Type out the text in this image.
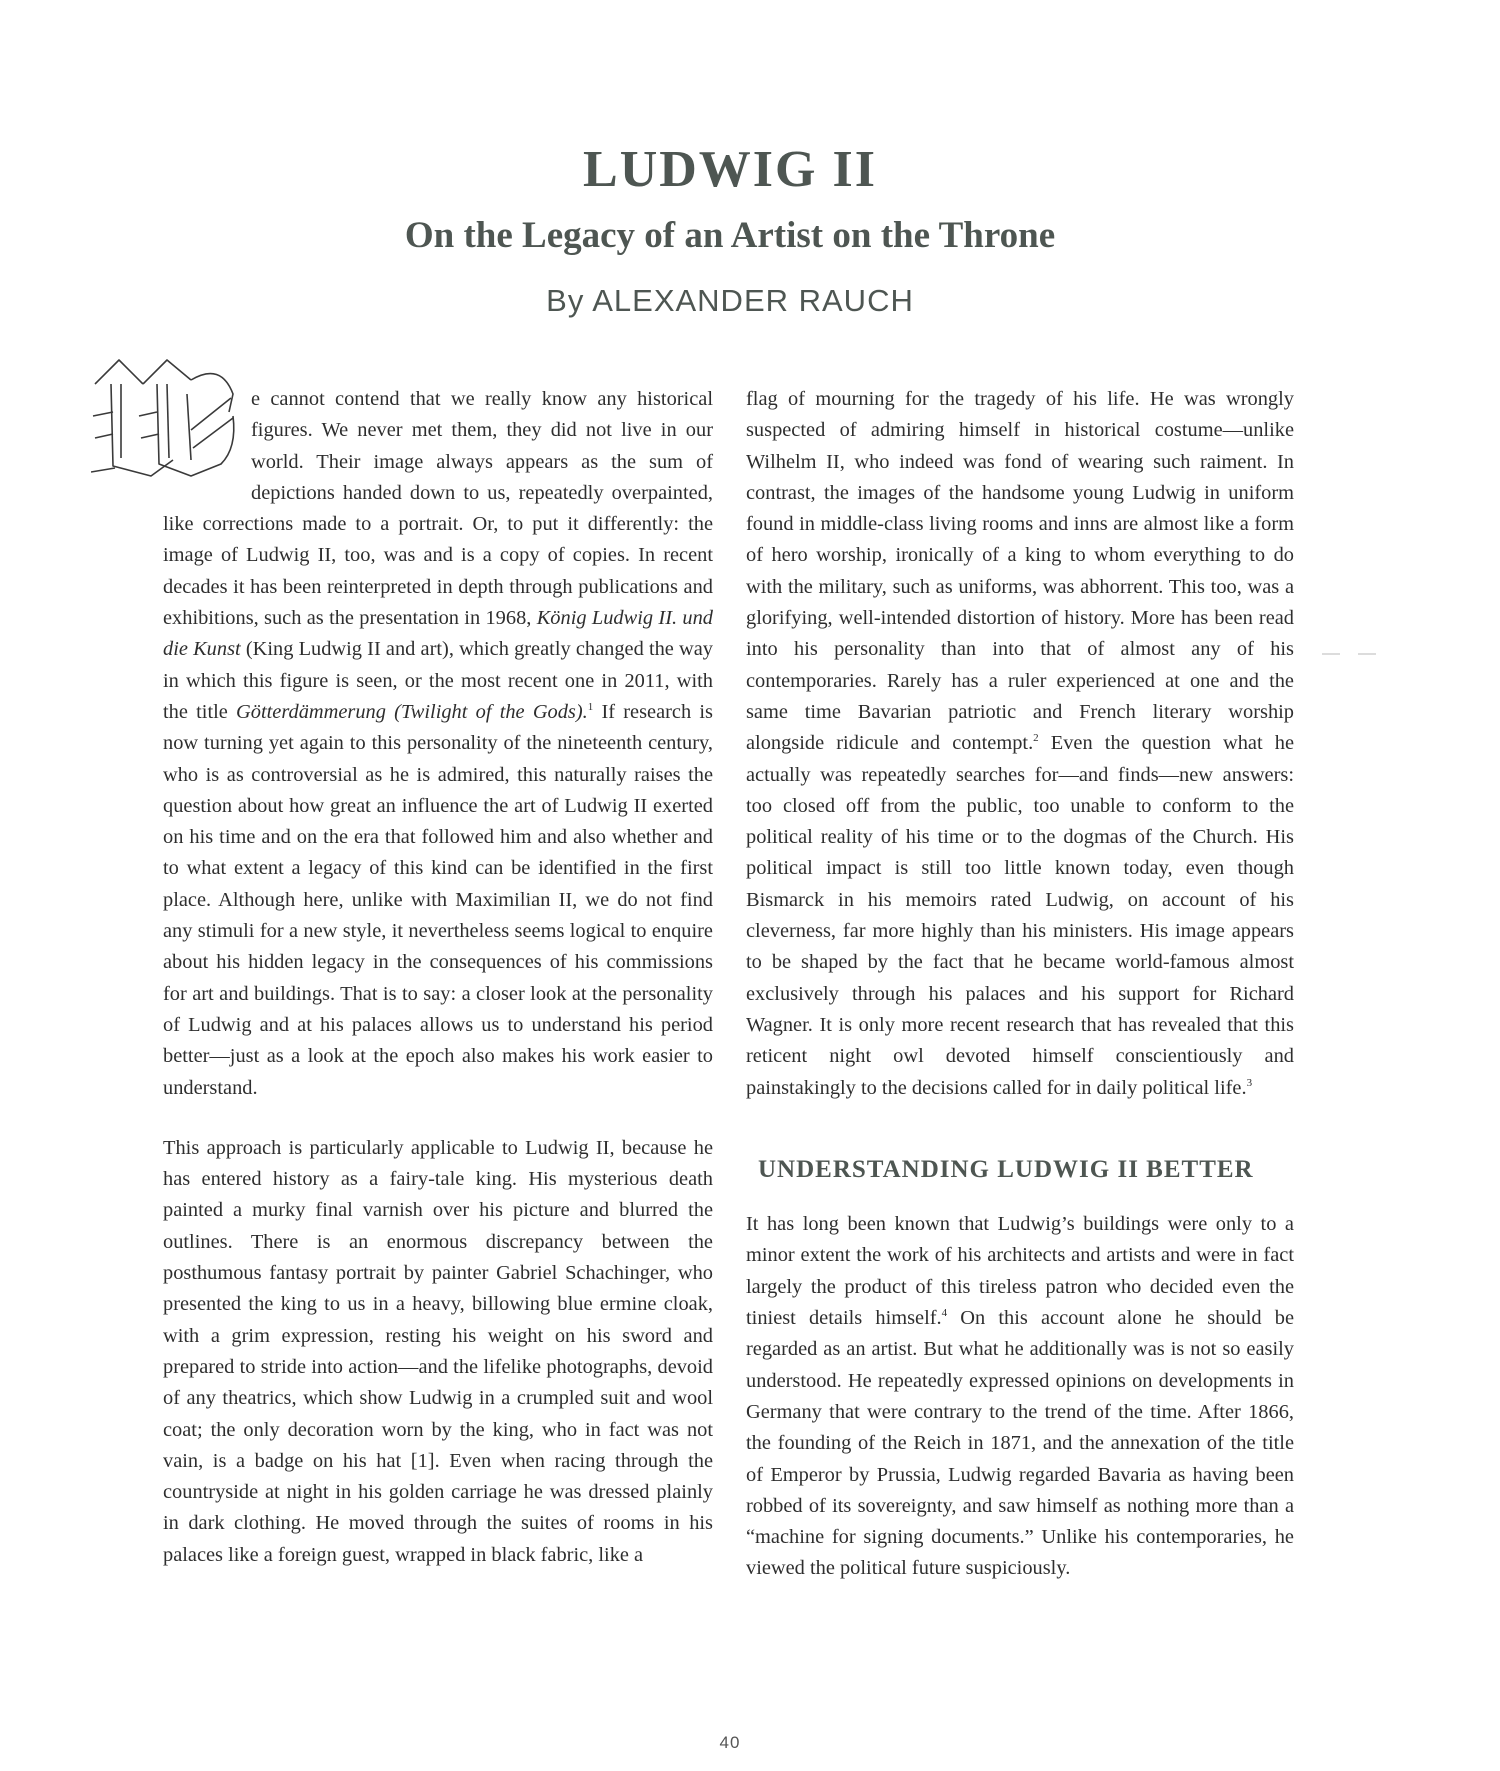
LUDWIG II
On the Legacy of an Artist on the Throne
By ALEXANDER RAUCH

e cannot contend that we really know any historical figures. We never met them, they did not live in our world. Their image always appears as the sum of depictions handed down to us, repeatedly overpainted, like corrections made to a portrait. Or, to put it differently: the image of Ludwig II, too, was and is a copy of copies. In recent decades it has been reinterpreted in depth through publications and exhibitions, such as the presentation in 1968, König Ludwig II. und die Kunst (King Ludwig II and art), which greatly changed the way in which this figure is seen, or the most recent one in 2011, with the title Götterdämmerung (Twilight of the Gods).$^1$ If research is now turning yet again to this personality of the nineteenth century, who is as controversial as he is admired, this naturally raises the question about how great an influence the art of Ludwig II exerted on his time and on the era that followed him and also whether and to what extent a legacy of this kind can be identified in the first place. Although here, unlike with Maximilian II, we do not find any stimuli for a new style, it nevertheless seems logical to enquire about his hidden legacy in the consequences of his commissions for art and buildings. That is to say: a closer look at the personality of Ludwig and at his palaces allows us to understand his period better—just as a look at the epoch also makes his work easier to understand.

This approach is particularly applicable to Ludwig II, because he has entered history as a fairy-tale king. His mysterious death painted a murky final varnish over his picture and blurred the outlines. There is an enormous discrepancy between the posthumous fantasy portrait by painter Gabriel Schachinger, who presented the king to us in a heavy, billowing blue ermine cloak, with a grim expression, resting his weight on his sword and prepared to stride into action—and the lifelike photographs, devoid of any theatrics, which show Ludwig in a crumpled suit and wool coat; the only decoration worn by the king, who in fact was not vain, is a badge on his hat [1]. Even when racing through the countryside at night in his golden carriage he was dressed plainly in dark clothing. He moved through the suites of rooms in his palaces like a foreign guest, wrapped in black fabric, like a

flag of mourning for the tragedy of his life. He was wrongly suspected of admiring himself in historical costume—unlike Wilhelm II, who indeed was fond of wearing such raiment. In contrast, the images of the handsome young Ludwig in uniform found in middle-class living rooms and inns are almost like a form of hero worship, ironically of a king to whom everything to do with the military, such as uniforms, was abhorrent. This too, was a glorifying, well-intended distortion of history. More has been read into his personality than into that of almost any of his contemporaries. Rarely has a ruler experienced at one and the same time Bavarian patriotic and French literary worship alongside ridicule and contempt.$^2$ Even the question what he actually was repeatedly searches for—and finds—new answers: too closed off from the public, too unable to conform to the political reality of his time or to the dogmas of the Church. His political impact is still too little known today, even though Bismarck in his memoirs rated Ludwig, on account of his cleverness, far more highly than his ministers. His image appears to be shaped by the fact that he became world-famous almost exclusively through his palaces and his support for Richard Wagner. It is only more recent research that has revealed that this reticent night owl devoted himself conscientiously and painstakingly to the decisions called for in daily political life.$^3$

UNDERSTANDING LUDWIG II BETTER

It has long been known that Ludwig’s buildings were only to a minor extent the work of his architects and artists and were in fact largely the product of this tireless patron who decided even the tiniest details himself.$^4$ On this account alone he should be regarded as an artist. But what he additionally was is not so easily understood. He repeatedly expressed opinions on developments in Germany that were contrary to the trend of the time. After 1866, the founding of the Reich in 1871, and the annexation of the title of Emperor by Prussia, Ludwig regarded Bavaria as having been robbed of its sovereignty, and saw himself as nothing more than a “machine for signing documents.” Unlike his contemporaries, he viewed the political future suspiciously.

40
